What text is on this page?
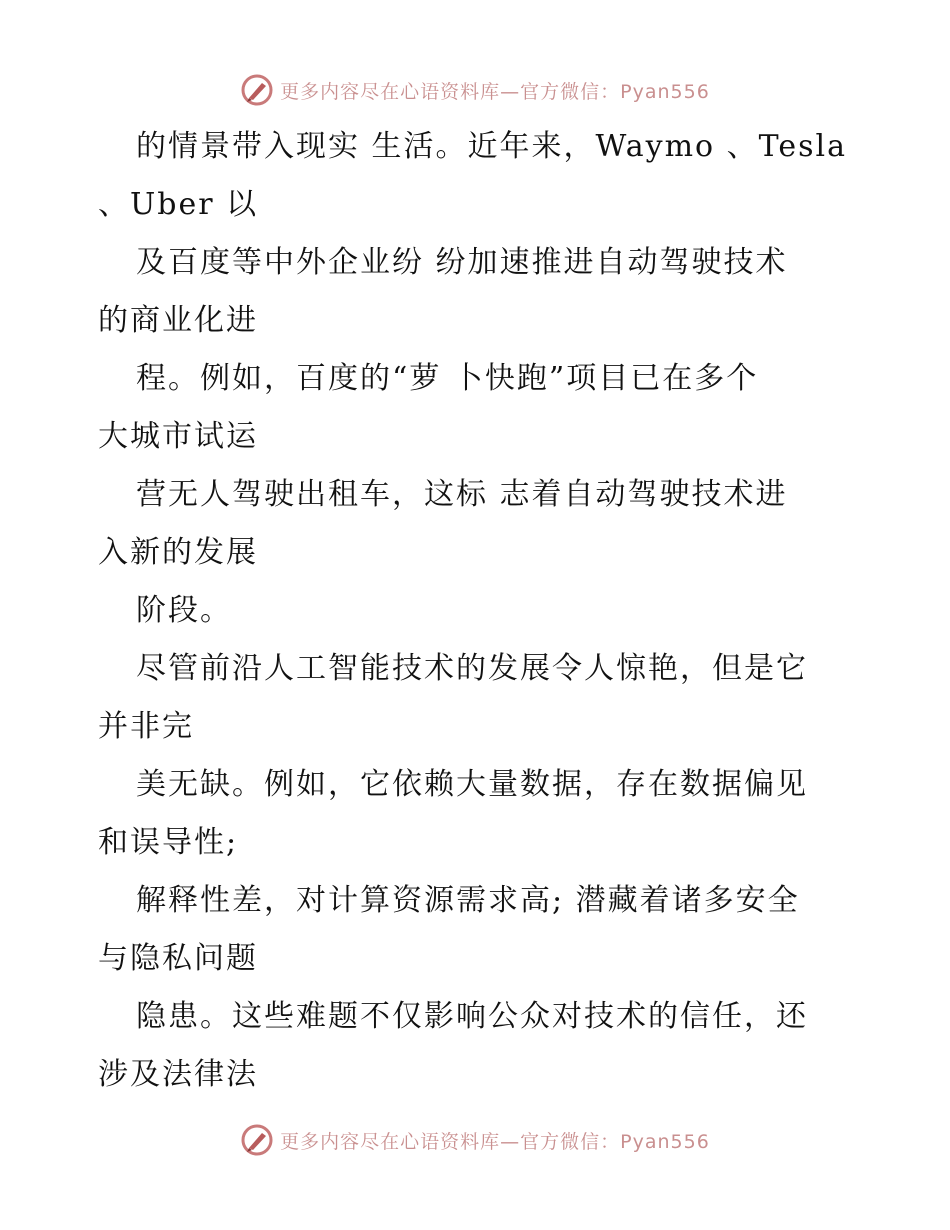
更多内容尽在心语资料库—官方微信：Pyan556
的情景带入现实 生活。近年来，Waymo 、Tesla
、Uber 以
及百度等中外企业纷 纷加速推进自动驾驶技术
的商业化进
程。例如，百度的“萝 卜快跑”项目已在多个
大城市试运
营无人驾驶出租车，这标 志着自动驾驶技术进
入新的发展
阶段。
尽管前沿人工智能技术的发展令人惊艳，但是它
并非完
美无缺。例如，它依赖大量数据，存在数据偏见
和误导性;
解释性差，对计算资源需求高; 潜藏着诸多安全
与隐私问题
隐患。这些难题不仅影响公众对技术的信任，还
涉及法律法
更多内容尽在心语资料库—官方微信：Pyan556
